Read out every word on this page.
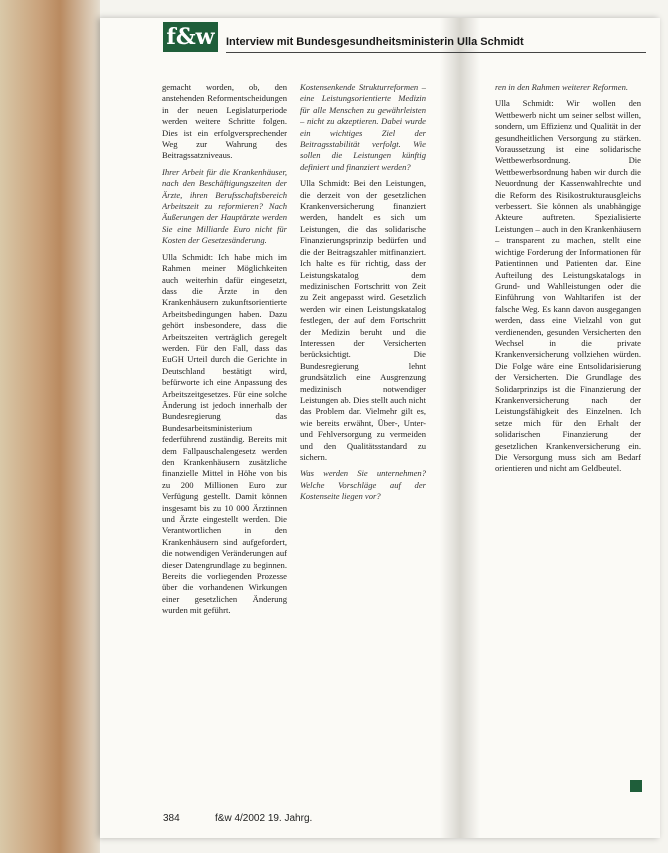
f&w	Interview mit Bundesgesundheitsministerin Ulla Schmidt

gemacht worden, ob, den anstehenden Reformentscheidungen in der neuen Legislaturperiode werden weitere Schritte folgen. Dies ist ein erfolgversprechender Weg zur Wahrung des Beitragssatzniveaus.

Ihrer Arbeit für die Krankenhäuser, nach den Beschäftigungszeiten der Ärzte, ihren Berufsschaftsbereich Arbeitszeit zu reformieren? Nach Äußerungen der Hauptärzte werden Sie eine Milliarde Euro nicht für Kosten der Gesetzesänderung.

Ulla Schmidt: Ich habe mich im Rahmen meiner Möglichkeiten auch weiterhin dafür eingesetzt, dass die Ärzte in den Krankenhäusern zukunftsorientierte Arbeitsbedingungen haben. Dazu gehört insbesondere, dass die Arbeitszeiten verträglich geregelt werden. Für den Fall, dass das EuGH Urteil durch die Gerichte in Deutschland bestätigt wird, befürworte ich eine Anpassung des Arbeitszeitgesetzes. Für eine solche Änderung ist jedoch innerhalb der Bundesregierung das Bundesarbeitsministerium federführend zuständig. Bereits mit dem Fallpauschalengesetz werden den Krankenhäusern zusätzliche finanzielle Mittel in Höhe von bis zu 200 Millionen Euro zur Verfügung gestellt. Damit können insgesamt bis zu 10 000 Ärztinnen und Ärzte eingestellt werden. Die Verantwortlichen in den Krankenhäusern sind aufgefordert, die notwendigen Veränderungen auf dieser Datengrundlage zu beginnen. Bereits die vorliegenden Prozesse über die vorhandenen Wirkungen einer gesetzlichen Änderung wurden mit geführt.

Kostensenkende Strukturreformen – eine Leistungsorientierte Medizin für alle Menschen zu gewährleisten – nicht zu akzeptieren. Dabei wurde ein wichtiges Ziel der Beitragsstabilität verfolgt. Wie sollen die Leistungen künftig definiert und finanziert werden?

Ulla Schmidt: Bei den Leistungen, die derzeit von der gesetzlichen Krankenversicherung finanziert werden, handelt es sich um Leistungen, die das solidarische Finanzierungsprinzip bedürfen und die der Beitragszahler mitfinanziert. Ich halte es für richtig, dass der Leistungskatalog dem medizinischen Fortschritt von Zeit zu Zeit angepasst wird. Gesetzlich werden wir einen Leistungskatalog festlegen, der auf dem Fortschritt der Medizin beruht und die Interessen der Versicherten berücksichtigt. Die Bundesregierung lehnt grundsätzlich eine Ausgrenzung medizinisch notwendiger Leistungen ab. Dies stellt auch nicht das Problem dar. Vielmehr gilt es, wie bereits erwähnt, Über-, Unter- und Fehlversorgung zu vermeiden und den Qualitätsstandard zu sichern.

Was werden Sie unternehmen? Welche Vorschläge auf der Kostenseite liegen vor?

ren in den Rahmen weiterer Reformen.

Ulla Schmidt: Wir wollen den Wettbewerb nicht um seiner selbst willen, sondern, um Effizienz und Qualität in der gesundheitlichen Versorgung zu stärken. Voraussetzung ist eine solidarische Wettbewerbsordnung. Die Wettbewerbsordnung haben wir durch die Neuordnung der Kassenwahlrechte und die Reform des Risikostrukturausgleichs verbessert. Sie können als unabhängige Akteure auftreten. Spezialisierte Leistungen – auch in den Krankenhäusern – transparent zu machen, stellt eine wichtige Forderung der Informationen für Patientinnen und Patienten dar. Eine Aufteilung des Leistungskatalogs in Grund- und Wahlleistungen oder die Einführung von Wahltarifen ist der falsche Weg. Es kann davon ausgegangen werden, dass eine Vielzahl von gut verdienenden, gesunden Versicherten den Wechsel in die private Krankenversicherung vollziehen würden. Die Folge wäre eine Entsolidarisierung der Versicherten. Die Grundlage des Solidarprinzips ist die Finanzierung der Krankenversicherung nach der Leistungsfähigkeit des Einzelnen. Ich setze mich für den Erhalt der solidarischen Finanzierung der gesetzlichen Krankenversicherung ein. Die Versorgung muss sich am Bedarf orientieren und nicht am Geldbeutel.

384	f&w 4/2002 19. Jahrg.
